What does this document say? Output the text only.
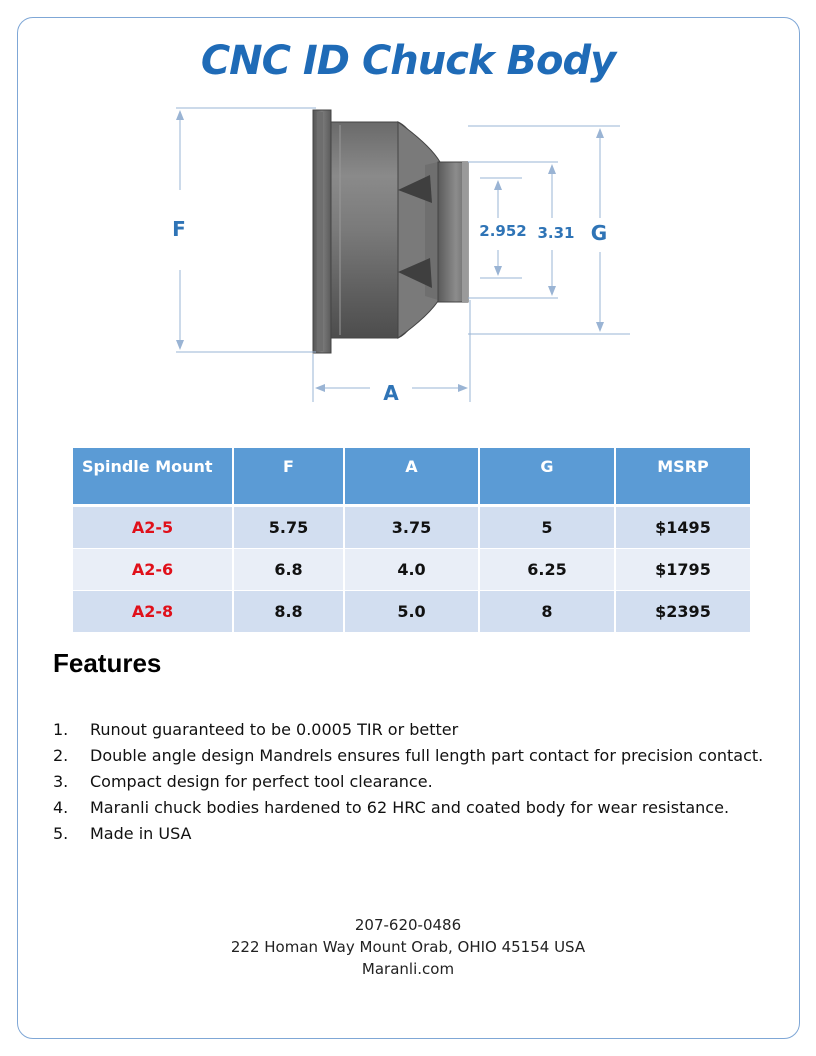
CNC ID Chuck Body
F	G
A
2.952 3.31
Spindle Mount	F	A	G	MSRP
A2-5	5.75	3.75	5	$1495
A2-6	6.8	4.0	6.25	$1795
A2-8	8.8	5.0	8	$2395
Features
1. Runout guaranteed to be 0.0005 TIR or better
2. Double angle design Mandrels ensures full length part contact for precision contact.
3. Compact design for perfect tool clearance.
4. Maranli chuck bodies hardened to 62 HRC and coated body for wear resistance.
5. Made in USA
207-620-0486
222 Homan Way Mount Orab, OHIO 45154 USA
Maranli.com
